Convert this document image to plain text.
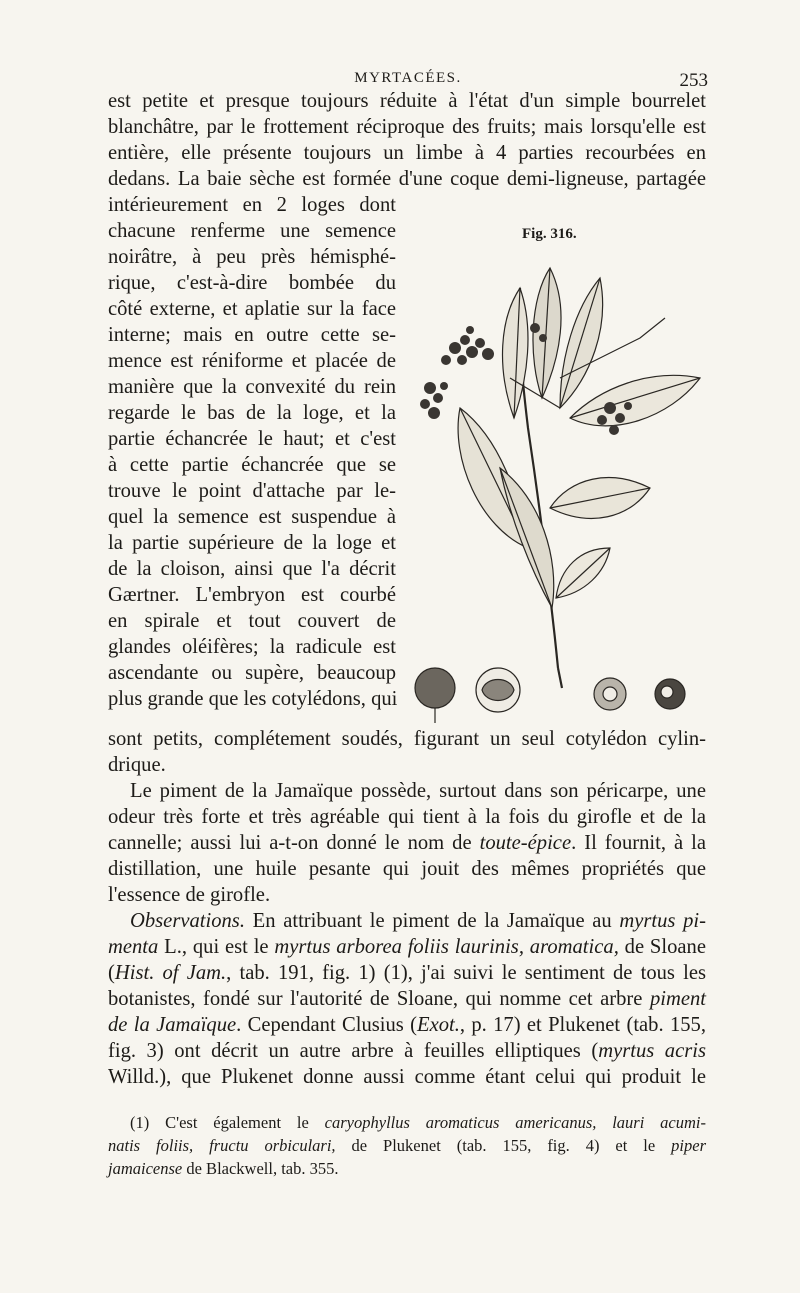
MYRTACÉES.	253
est petite et presque toujours réduite à l'état d'un simple bourrelet
blanchâtre, par le frottement réciproque des fruits; mais lorsqu'elle est
entière, elle présente toujours un limbe à 4 parties recourbées en
dedans. La baie sèche est formée d'une coque demi-ligneuse, partagée
intérieurement en 2 loges dont
chacune renferme une semence
noirâtre, à peu près hémisphé-
rique, c'est-à-dire bombée du
côté externe, et aplatie sur la face
interne; mais en outre cette se-
mence est réniforme et placée de
manière que la convexité du rein
regarde le bas de la loge, et la
partie échancrée le haut; et c'est
à cette partie échancrée que se
trouve le point d'attache par le-
quel la semence est suspendue à
la partie supérieure de la loge et
de la cloison, ainsi que l'a décrit
Gærtner. L'embryon est courbé
en spirale et tout couvert de
glandes oléifères; la radicule est
ascendante ou supère, beaucoup
plus grande que les cotylédons, qui
sont petits, complétement soudés, figurant un seul cotylédon cylin-
drique.
Fig. 316.
Le piment de la Jamaïque possède, surtout dans son péricarpe, une
odeur très forte et très agréable qui tient à la fois du girofle et de la
cannelle; aussi lui a-t-on donné le nom de toute-épice. Il fournit, à la
distillation, une huile pesante qui jouit des mêmes propriétés que
l'essence de girofle.
Observations. En attribuant le piment de la Jamaïque au myrtus pi-
menta L., qui est le myrtus arborea foliis laurinis, aromatica, de Sloane
(Hist. of Jam., tab. 191, fig. 1) (1), j'ai suivi le sentiment de tous les
botanistes, fondé sur l'autorité de Sloane, qui nomme cet arbre piment
de la Jamaïque. Cependant Clusius (Exot., p. 17) et Plukenet (tab. 155,
fig. 3) ont décrit un autre arbre à feuilles elliptiques (myrtus acris
Willd.), que Plukenet donne aussi comme étant celui qui produit le
(1) C'est également le caryophyllus aromaticus americanus, lauri acumi-
natis foliis, fructu orbiculari, de Plukenet (tab. 155, fig. 4) et le piper
jamaicense de Blackwell, tab. 355.
